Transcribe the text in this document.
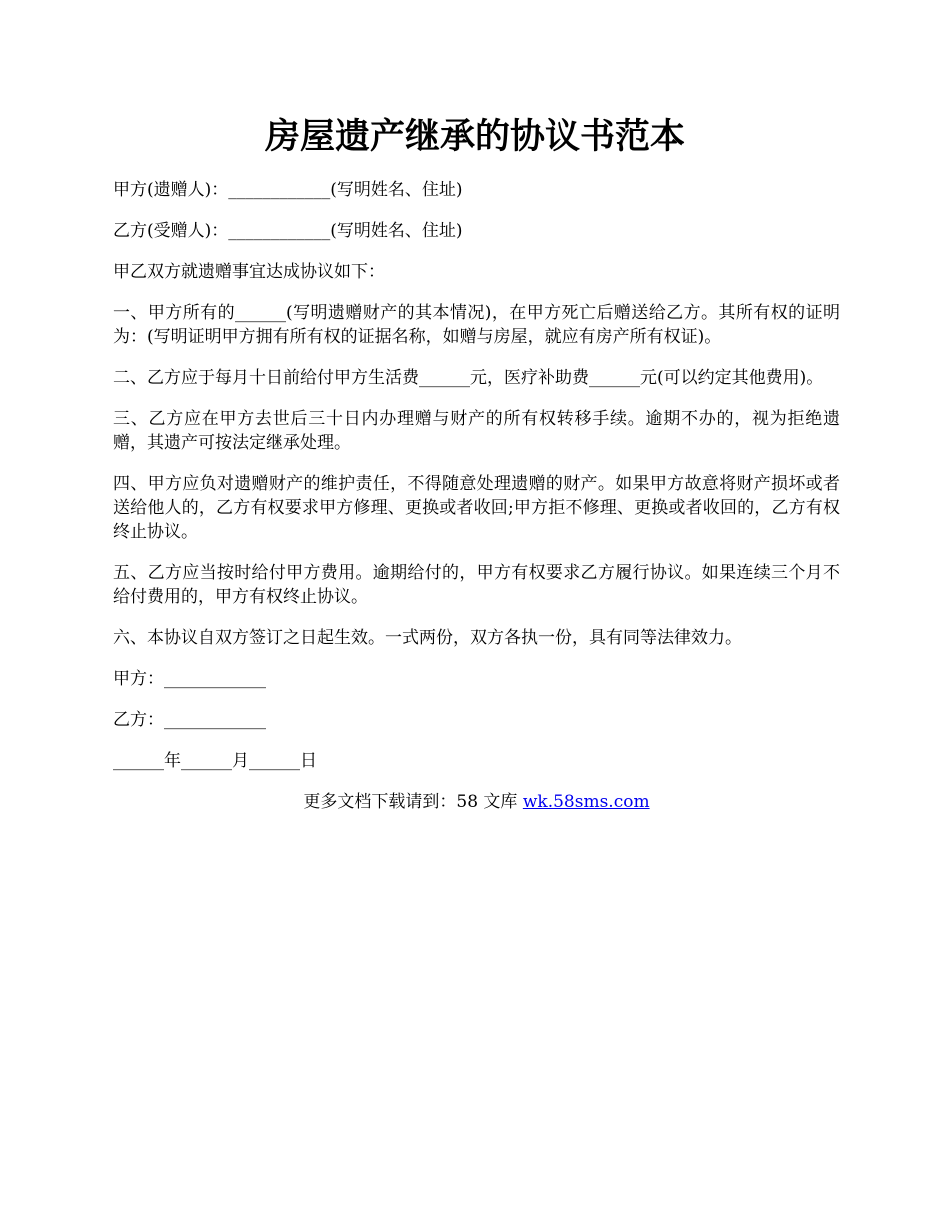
房屋遗产继承的协议书范本

甲方(遗赠人)：____________(写明姓名、住址)

乙方(受赠人)：____________(写明姓名、住址)

甲乙双方就遗赠事宜达成协议如下：

一、甲方所有的______(写明遗赠财产的其本情况)，在甲方死亡后赠送给乙方。其所有权的证明为：(写明证明甲方拥有所有权的证据名称，如赠与房屋，就应有房产所有权证)。

二、乙方应于每月十日前给付甲方生活费______元，医疗补助费______元(可以约定其他费用)。

三、乙方应在甲方去世后三十日内办理赠与财产的所有权转移手续。逾期不办的，视为拒绝遗赠，其遗产可按法定继承处理。

四、甲方应负对遗赠财产的维护责任，不得随意处理遗赠的财产。如果甲方故意将财产损坏或者送给他人的，乙方有权要求甲方修理、更换或者收回;甲方拒不修理、更换或者收回的，乙方有权终止协议。

五、乙方应当按时给付甲方费用。逾期给付的，甲方有权要求乙方履行协议。如果连续三个月不给付费用的，甲方有权终止协议。

六、本协议自双方签订之日起生效。一式两份，双方各执一份，具有同等法律效力。

甲方：____________

乙方：____________

______年______月______日

更多文档下载请到：58 文库 wk.58sms.com
